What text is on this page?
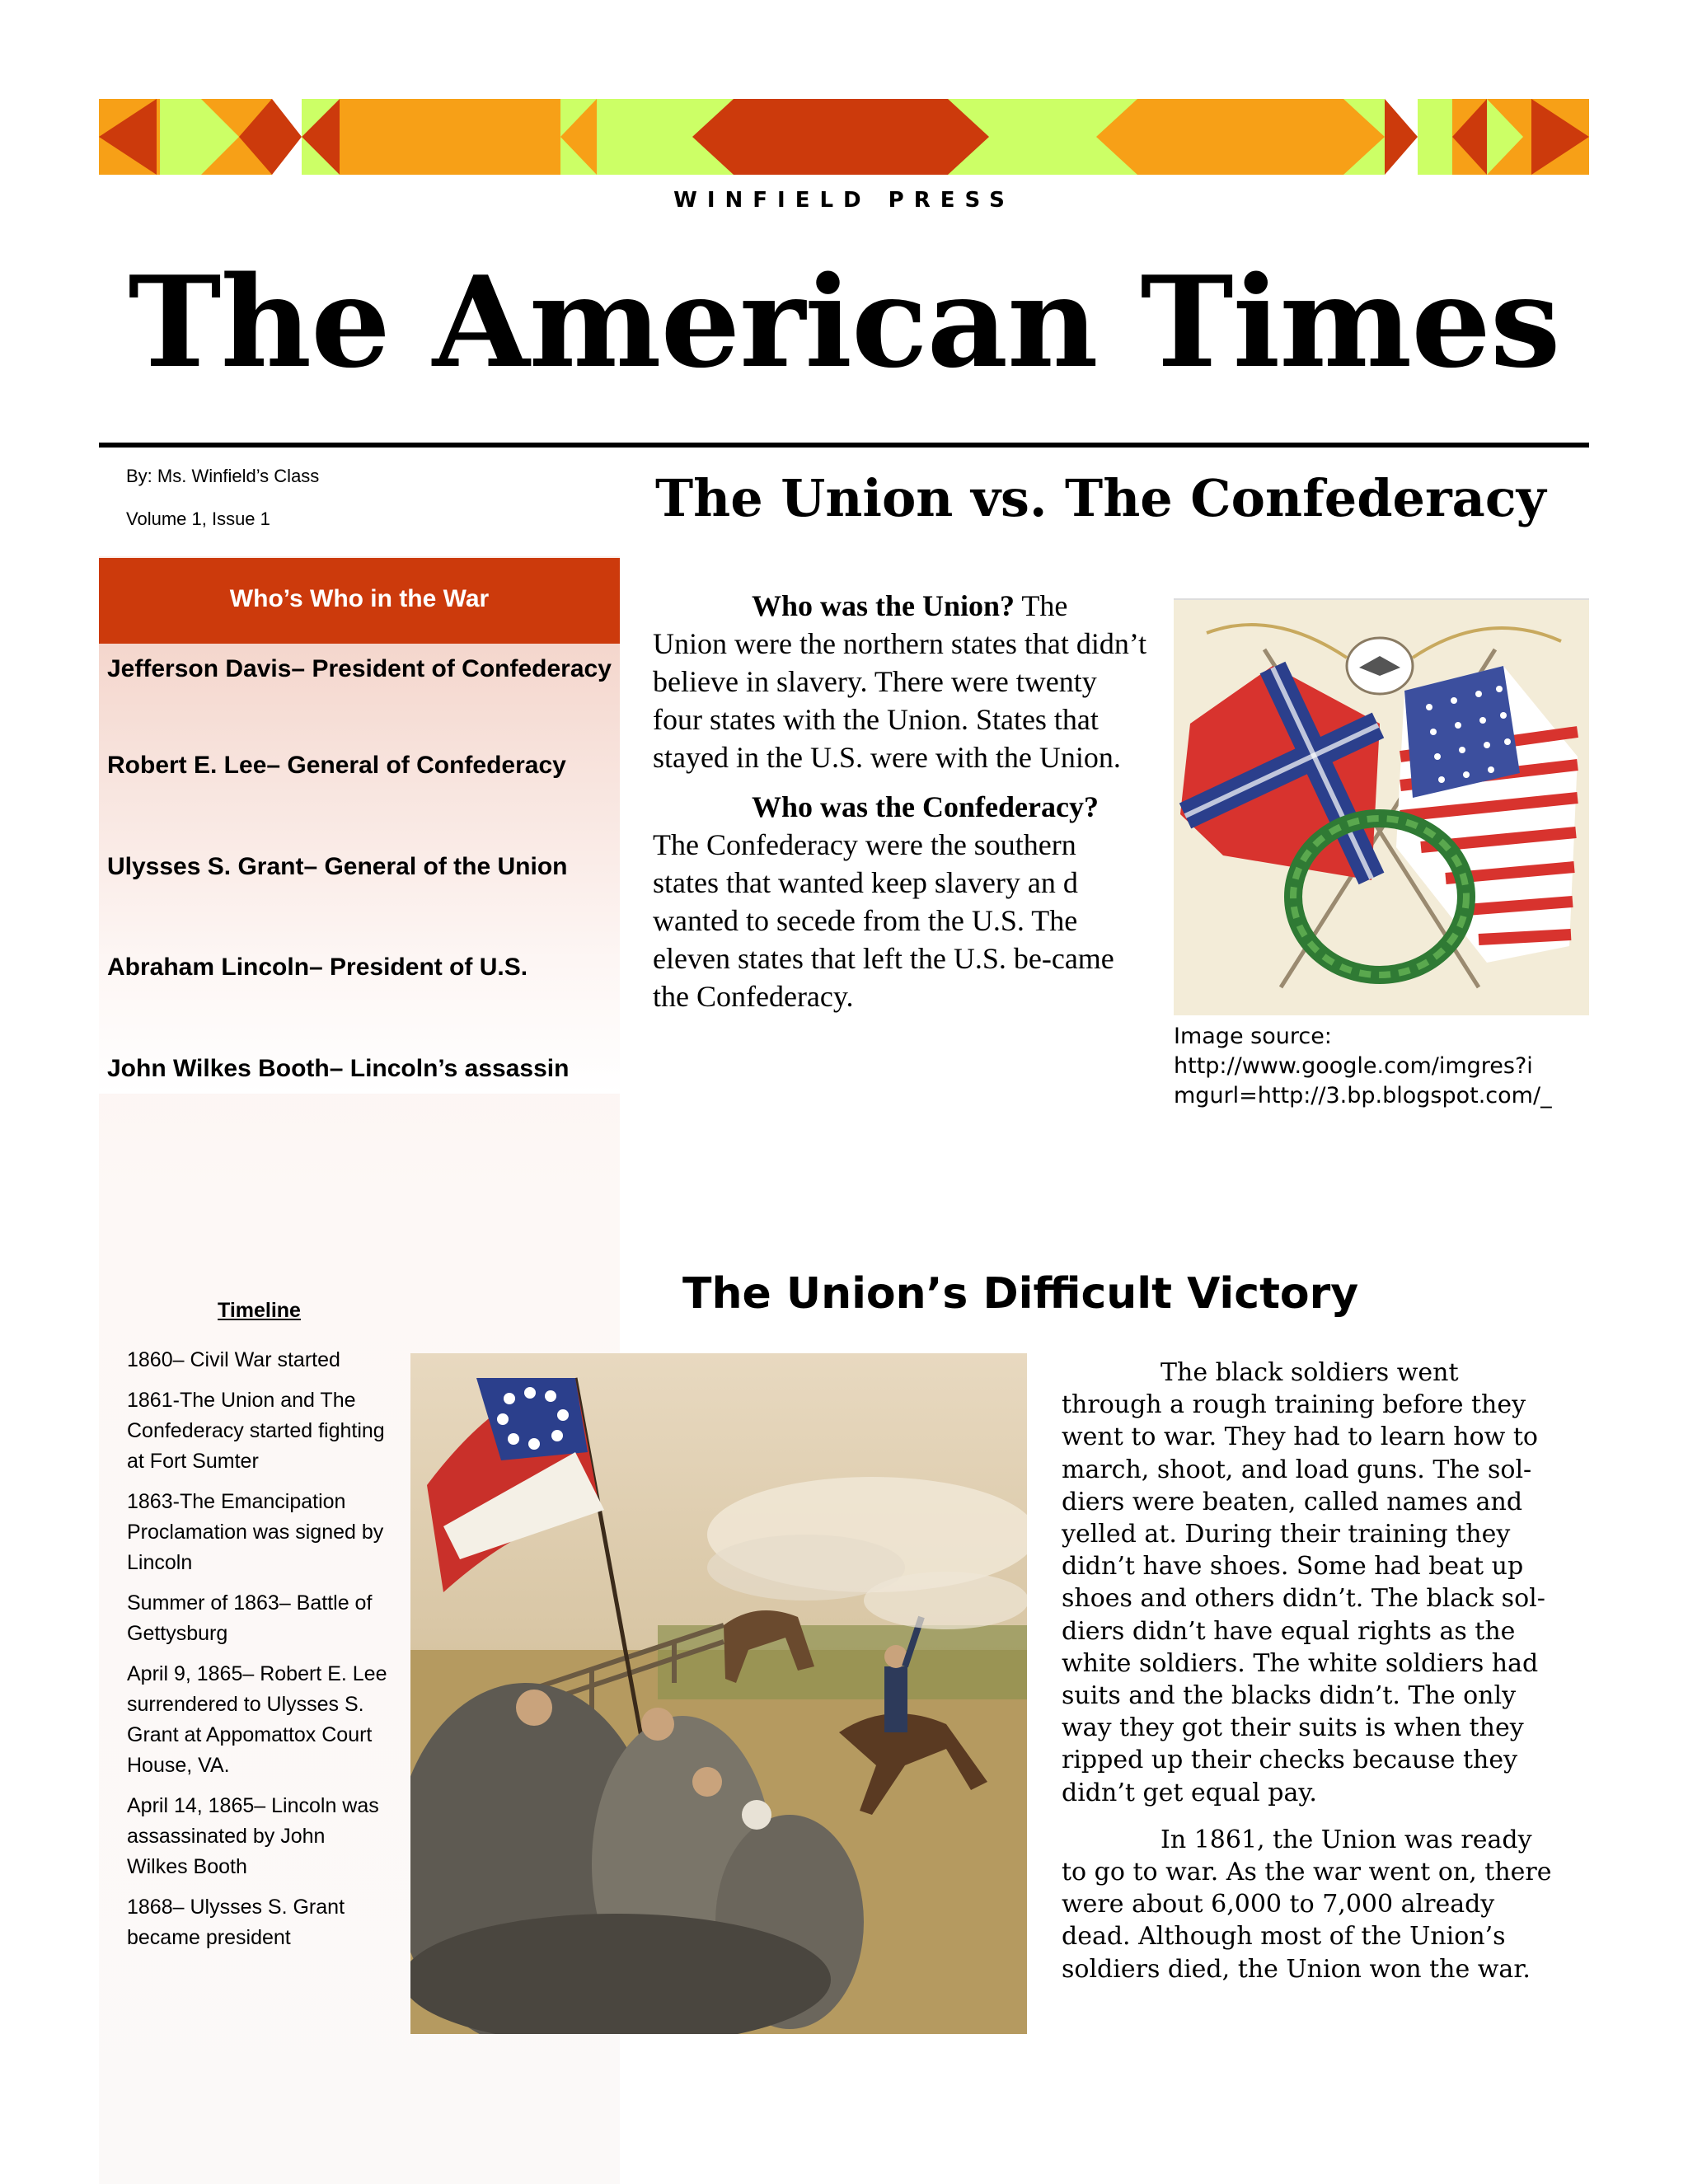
WINFIELD PRESS
The American Times
By: Ms. Winfield’s Class
Volume 1, Issue 1	The Union vs. The Confederacy
Who’s Who in the War
Jefferson Davis– President of Confederacy
Robert E. Lee– General of Confederacy
Ulysses S. Grant– General of the Union
Abraham Lincoln– President of U.S.
John Wilkes Booth– Lincoln’s assassin

Who was the Union? The Union were the northern states that didn’t believe in slavery. There were twenty four states with the Union. States that stayed in the U.S. were with the Union.

Who was the Confederacy? The Confederacy were the southern states that wanted keep slavery an d wanted to secede from the U.S. The eleven states that left the U.S. be-came the Confederacy.

Image source:
http://www.google.com/imgres?i
mgurl=http://3.bp.blogspot.com/_
Timeline
1860– Civil War started
1861-The Union and The Confederacy started fighting at Fort Sumter
1863-The Emancipation Proclamation was signed by Lincoln
Summer of 1863– Battle of Gettysburg
April 9, 1865– Robert E. Lee surrendered to Ulysses S. Grant at Appomattox Court House, VA.
April 14, 1865– Lincoln was assassinated by John Wilkes Booth
1868– Ulysses S. Grant became president
The Union’s Difficult Victory

The black soldiers went through a rough training before they went to war. They had to learn how to march, shoot, and load guns. The sol-diers were beaten, called names and yelled at. During their training they didn’t have shoes. Some had beat up shoes and others didn’t. The black sol-diers didn’t have equal rights as the white soldiers. The white soldiers had suits and the blacks didn’t. The only way they got their suits is when they ripped up their checks because they didn’t get equal pay.

In 1861, the Union was ready to go to war. As the war went on, there were about 6,000 to 7,000 already dead. Although most of the Union’s soldiers died, the Union won the war.
